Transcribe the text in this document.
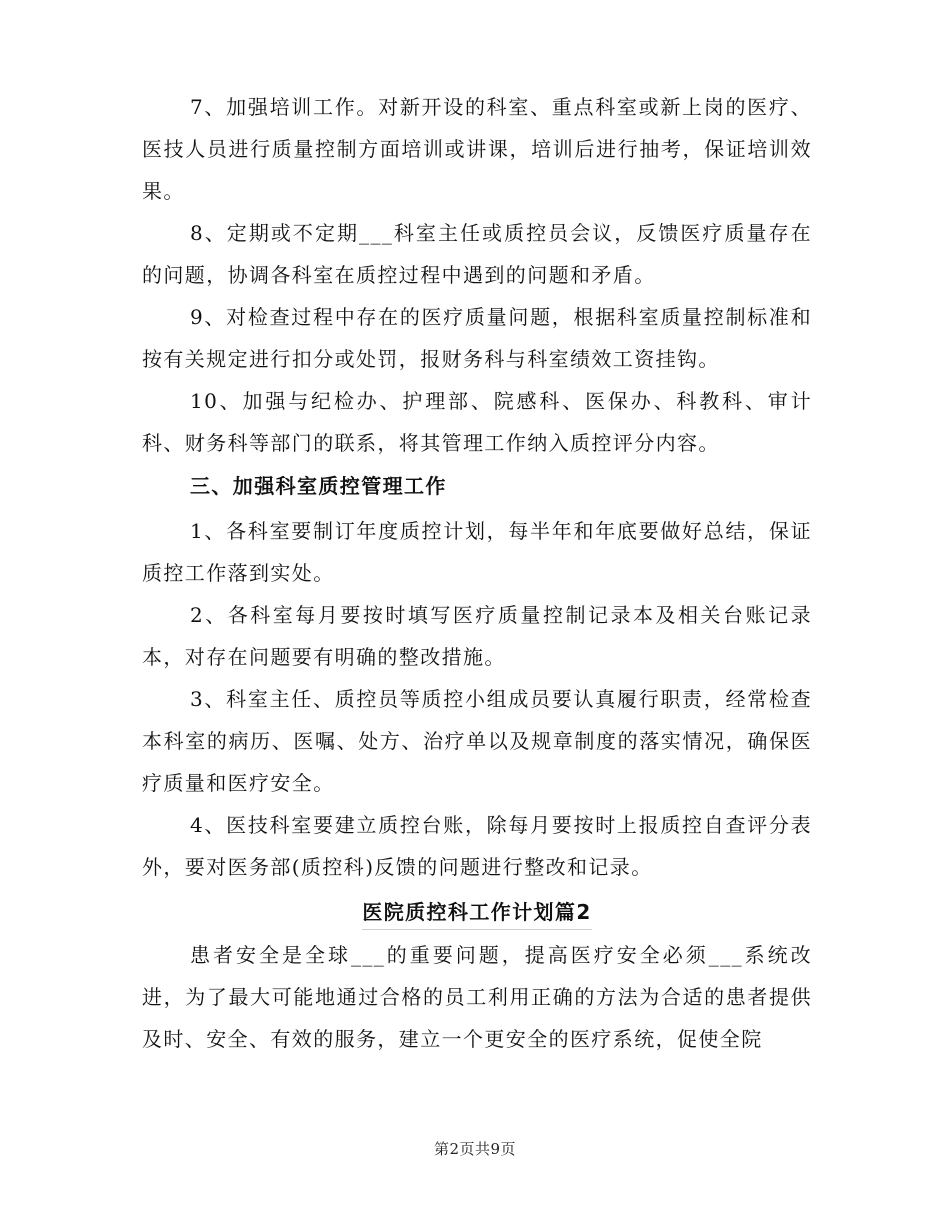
7、加强培训工作。对新开设的科室、重点科室或新上岗的医疗、医技人员进行质量控制方面培训或讲课，培训后进行抽考，保证培训效果。

8、定期或不定期___科室主任或质控员会议，反馈医疗质量存在的问题，协调各科室在质控过程中遇到的问题和矛盾。

9、对检查过程中存在的医疗质量问题，根据科室质量控制标准和按有关规定进行扣分或处罚，报财务科与科室绩效工资挂钩。

10、加强与纪检办、护理部、院感科、医保办、科教科、审计科、财务科等部门的联系，将其管理工作纳入质控评分内容。

三、加强科室质控管理工作

1、各科室要制订年度质控计划，每半年和年底要做好总结，保证质控工作落到实处。

2、各科室每月要按时填写医疗质量控制记录本及相关台账记录本，对存在问题要有明确的整改措施。

3、科室主任、质控员等质控小组成员要认真履行职责，经常检查本科室的病历、医嘱、处方、治疗单以及规章制度的落实情况，确保医疗质量和医疗安全。

4、医技科室要建立质控台账，除每月要按时上报质控自查评分表外，要对医务部(质控科)反馈的问题进行整改和记录。

医院质控科工作计划篇2

患者安全是全球___的重要问题，提高医疗安全必须___系统改进，为了最大可能地通过合格的员工利用正确的方法为合适的患者提供及时、安全、有效的服务，建立一个更安全的医疗系统，促使全院

第2页共9页
